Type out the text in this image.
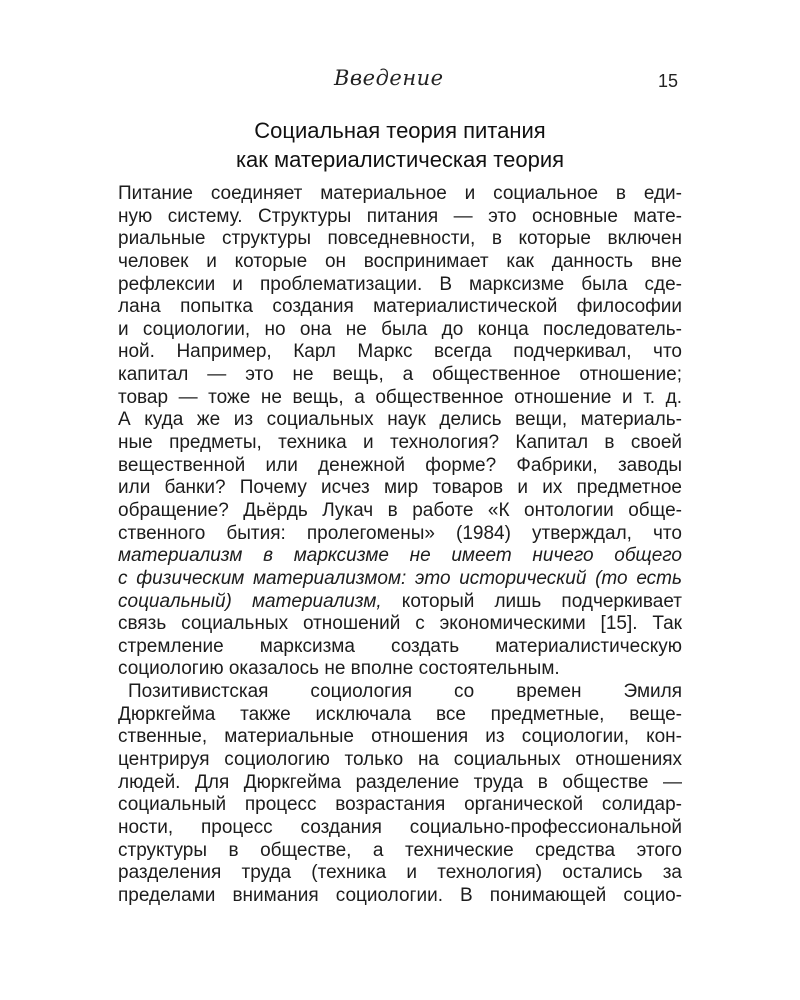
Введение	15
Социальная теория питания
как материалистическая теория
Питание соединяет материальное и социальное в еди-
ную систему. Структуры питания — это основные мате-
риальные структуры повседневности, в которые включен
человек и которые он воспринимает как данность вне
рефлексии и проблематизации. В марксизме была сде-
лана попытка создания материалистической философии
и социологии, но она не была до конца последователь-
ной. Например, Карл Маркс всегда подчеркивал, что
капитал — это не вещь, а общественное отношение;
товар — тоже не вещь, а общественное отношение и т. д.
А куда же из социальных наук делись вещи, материаль-
ные предметы, техника и технология? Капитал в своей
вещественной или денежной форме? Фабрики, заводы
или банки? Почему исчез мир товаров и их предметное
обращение? Дьёрдь Лукач в работе «К онтологии обще-
ственного бытия: пролегомены» (1984) утверждал, что
материализм в марксизме не имеет ничего общего
с физическим материализмом: это исторический (то есть
социальный) материализм, который лишь подчеркивает
связь социальных отношений с экономическими [15]. Так
стремление марксизма создать материалистическую
социологию оказалось не вполне состоятельным.
Позитивистская социология со времен Эмиля
Дюркгейма также исключала все предметные, веще-
ственные, материальные отношения из социологии, кон-
центрируя социологию только на социальных отношениях
людей. Для Дюркгейма разделение труда в обществе —
социальный процесс возрастания органической солидар-
ности, процесс создания социально-профессиональной
структуры в обществе, а технические средства этого
разделения труда (техника и технология) остались за
пределами внимания социологии. В понимающей социо-
